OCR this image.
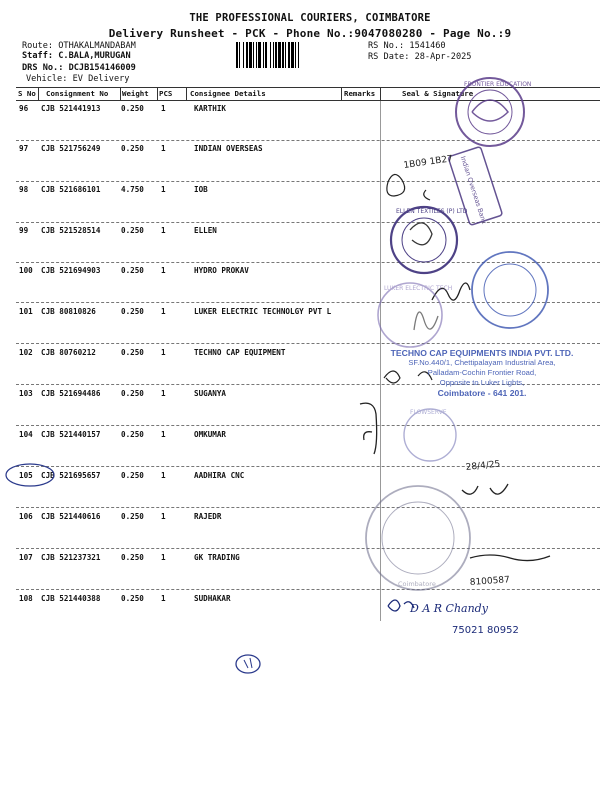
THE PROFESSIONAL COURIERS, COIMBATORE
Delivery Runsheet - PCK - Phone No.:9047080280 - Page No.:9
Route: OTHAKALMANDABAM
Staff: C.BALA,MURUGAN
DRS No.: DCJB154146009
Vehicle: EV Delivery
RS No.: 1541460
RS Date: 28-Apr-2025
S No Consignment No Weight PCS Consignee Details	Remarks	Seal & Signature
96 CJB 521441913	0.250 1	KARTHIK
97 CJB 521756249	0.250 1	INDIAN OVERSEAS
98 CJB 521686101	4.750 1	IOB
99 CJB 521528514	0.250 1	ELLEN
100 CJB 521694903	0.250 1	HYDRO PROKAV
101 CJB 80810826	0.250 1	LUKER ELECTRIC TECHNOLGY PVT L
102 CJB 80760212	0.250 1	TECHNO CAP EQUIPMENT
103 CJB 521694486	0.250 1	SUGANYA
104 CJB 521440157	0.250 1	OMKUMAR
105 CJB 521695657	0.250 1	AADHIRA CNC
106 CJB 521440616	0.250 1	RAJEDR
107 CJB 521237321	0.250 1	GK TRADING
108 CJB 521440388	0.250 1	SUDHAKAR
FRONTIER EDUCATION
Indian Overseas Bank
1B09 1B27
ELLEN TEXTILES (P) LTD
LUKER ELECTRIC TECH
FLOWSERVE
28/4/25
Coimbatore	8100587
D A R Chandy
75021 80952
TECHNO CAP EQUIPMENTS INDIA PVT. LTD.
SF.No.440/1, Chettipalayam Industrial Area,
Palladam-Cochin Frontier Road,
Opposite to Luker Lights,
Coimbatore - 641 201.
